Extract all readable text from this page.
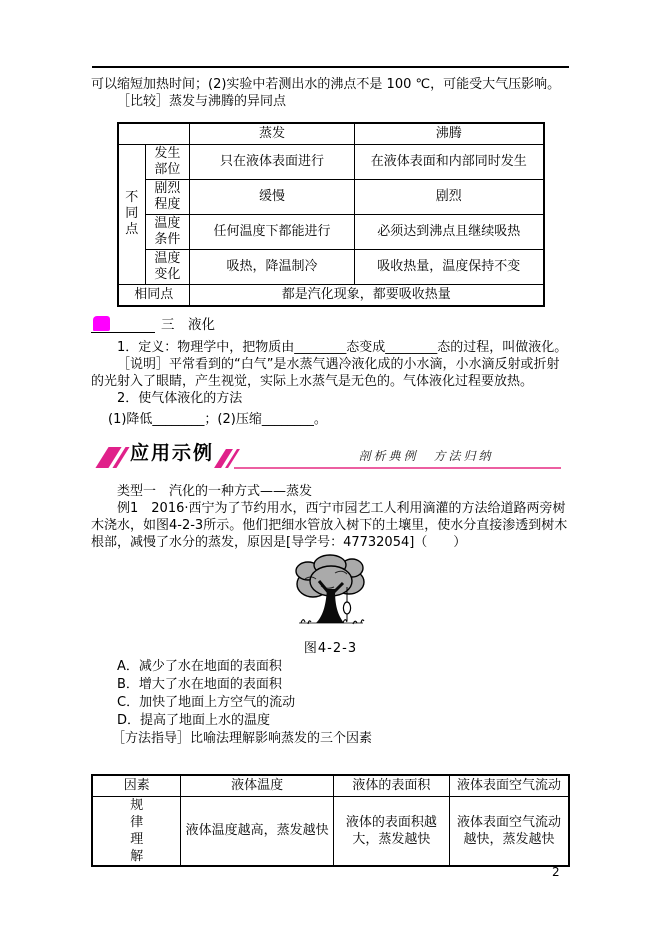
可以缩短加热时间；(2)实验中若测出水的沸点不是 100 ℃，可能受大气压影响。

［比较］蒸发与沸腾的异同点

		蒸发	沸腾
不同点	发生部位	只在液体表面进行	在液体表面和内部同时发生
	剧烈程度	缓慢	剧烈
	温度条件	任何温度下都能进行	必须达到沸点且继续吸热
	温度变化	吸热，降温制冷	吸收热量，温度保持不变
相同点		都是汽化现象，都要吸收热量	
三　液化

1．定义：物理学中，把物质由________态变成________态的过程，叫做液化。

［说明］平常看到的“白气”是水蒸气遇冷液化成的小水滴，小水滴反射或折射的光射入了眼睛，产生视觉，实际上水蒸气是无色的。气体液化过程要放热。

2．使气体液化的方法

(1)降低________；(2)压缩________。

应用示例	剖析典例　方法归纳

类型一　汽化的一种方式——蒸发

例1　2016·西宁为了节约用水，西宁市园艺工人利用滴灌的方法给道路两旁树木浇水，如图4-2-3所示。他们把细水管放入树下的土壤里，使水分直接渗透到树木根部，减慢了水分的蒸发，原因是[导学号：47732054]（　　）

图4-2-3

A．减少了水在地面的表面积

B．增大了水在地面的表面积

C．加快了地面上方空气的流动

D．提高了地面上水的温度

［方法指导］比喻法理解影响蒸发的三个因素

因素	液体温度	液体的表面积	液体表面空气流动
规律理解	液体温度越高，蒸发越快	液体的表面积越大，蒸发越快	液体表面空气流动越快，蒸发越快
2
